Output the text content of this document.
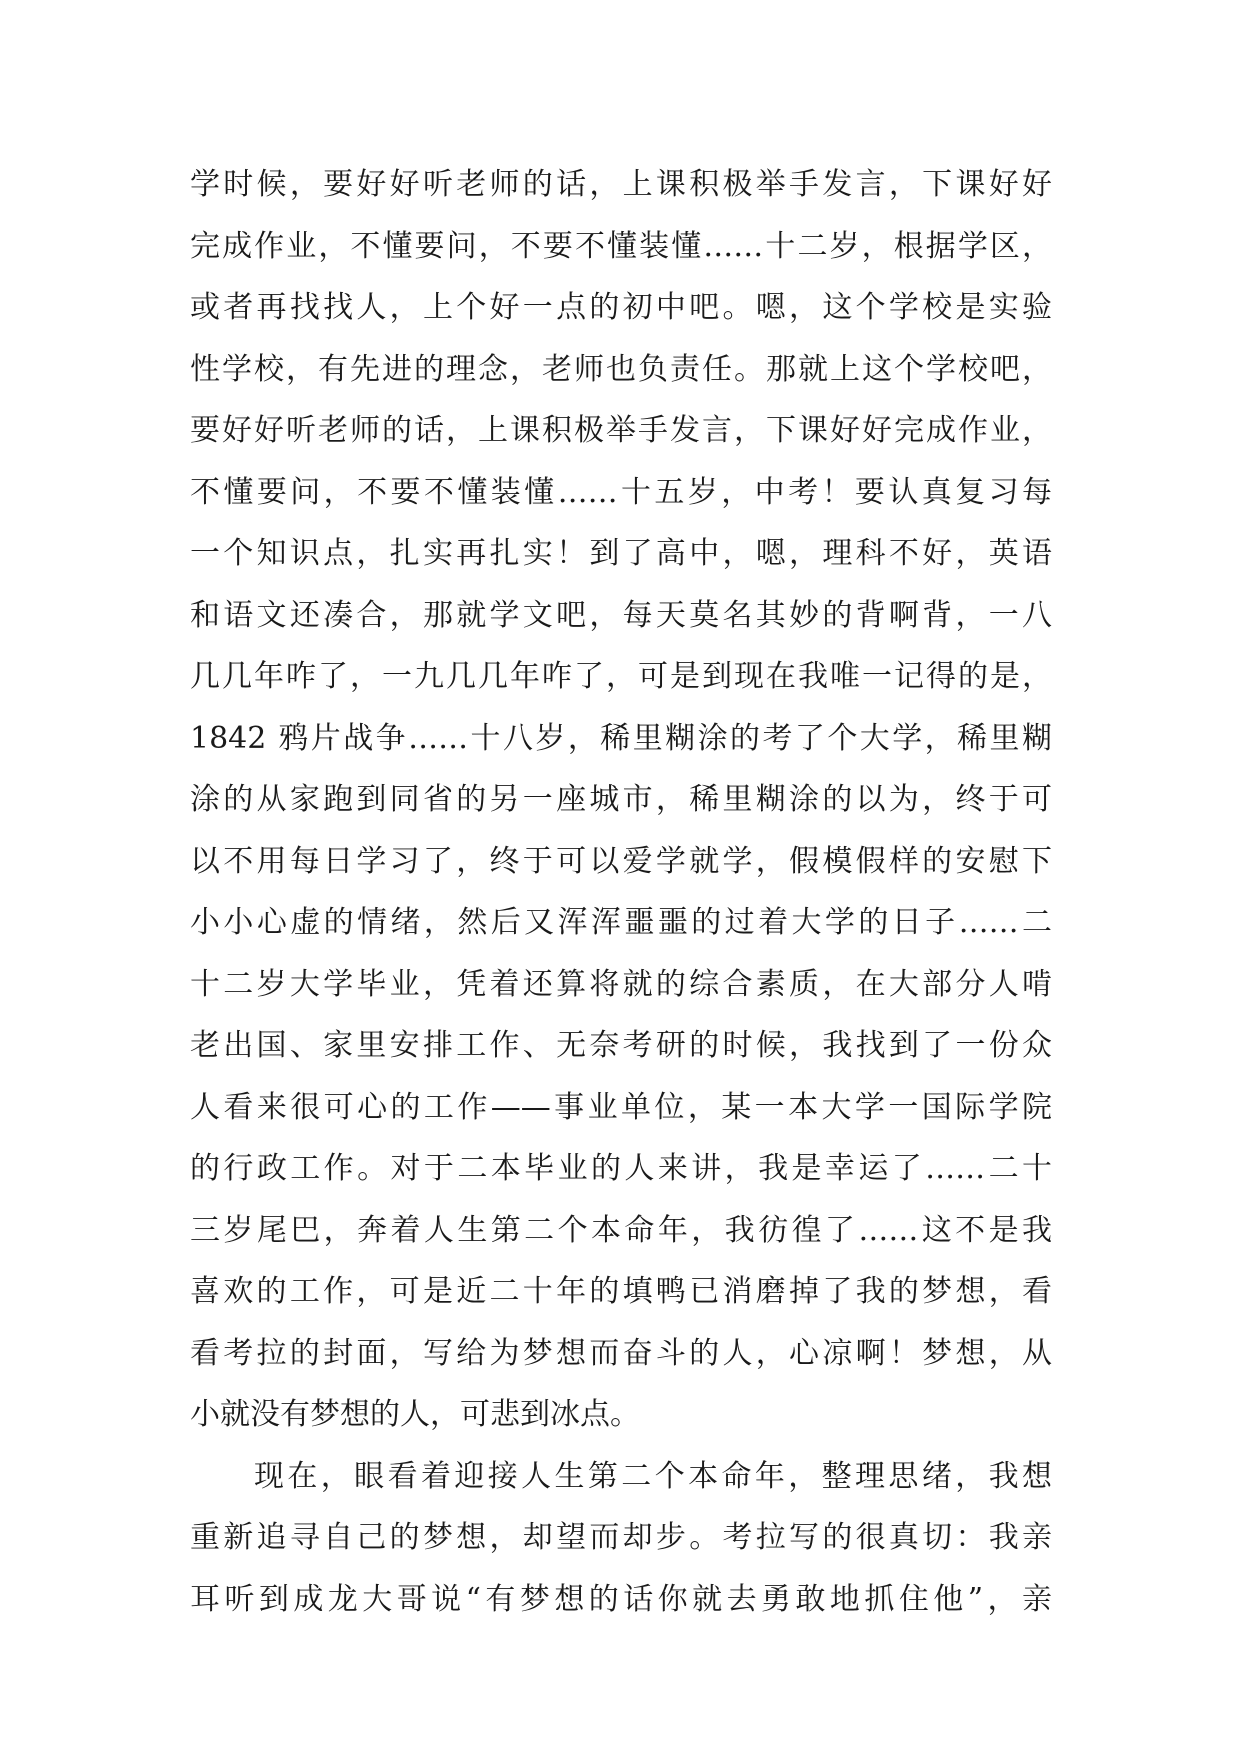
学时候，要好好听老师的话，上课积极举手发言，下课好好
完成作业，不懂要问，不要不懂装懂……十二岁，根据学区，
或者再找找人，上个好一点的初中吧。嗯，这个学校是实验
性学校，有先进的理念，老师也负责任。那就上这个学校吧，
要好好听老师的话，上课积极举手发言，下课好好完成作业，
不懂要问，不要不懂装懂……十五岁，中考！要认真复习每
一个知识点，扎实再扎实！到了高中，嗯，理科不好，英语
和语文还凑合，那就学文吧，每天莫名其妙的背啊背，一八
几几年咋了，一九几几年咋了，可是到现在我唯一记得的是，
1842 鸦片战争……十八岁，稀里糊涂的考了个大学，稀里糊
涂的从家跑到同省的另一座城市，稀里糊涂的以为，终于可
以不用每日学习了，终于可以爱学就学，假模假样的安慰下
小小心虚的情绪，然后又浑浑噩噩的过着大学的日子……二
十二岁大学毕业，凭着还算将就的综合素质，在大部分人啃
老出国、家里安排工作、无奈考研的时候，我找到了一份众
人看来很可心的工作——事业单位，某一本大学一国际学院
的行政工作。对于二本毕业的人来讲，我是幸运了……二十
三岁尾巴，奔着人生第二个本命年，我彷徨了……这不是我
喜欢的工作，可是近二十年的填鸭已消磨掉了我的梦想，看
看考拉的封面，写给为梦想而奋斗的人，心凉啊！梦想，从
小就没有梦想的人，可悲到冰点。
现在，眼看着迎接人生第二个本命年，整理思绪，我想
重新追寻自己的梦想，却望而却步。考拉写的很真切：我亲
耳听到成龙大哥说“有梦想的话你就去勇敢地抓住他”，亲
